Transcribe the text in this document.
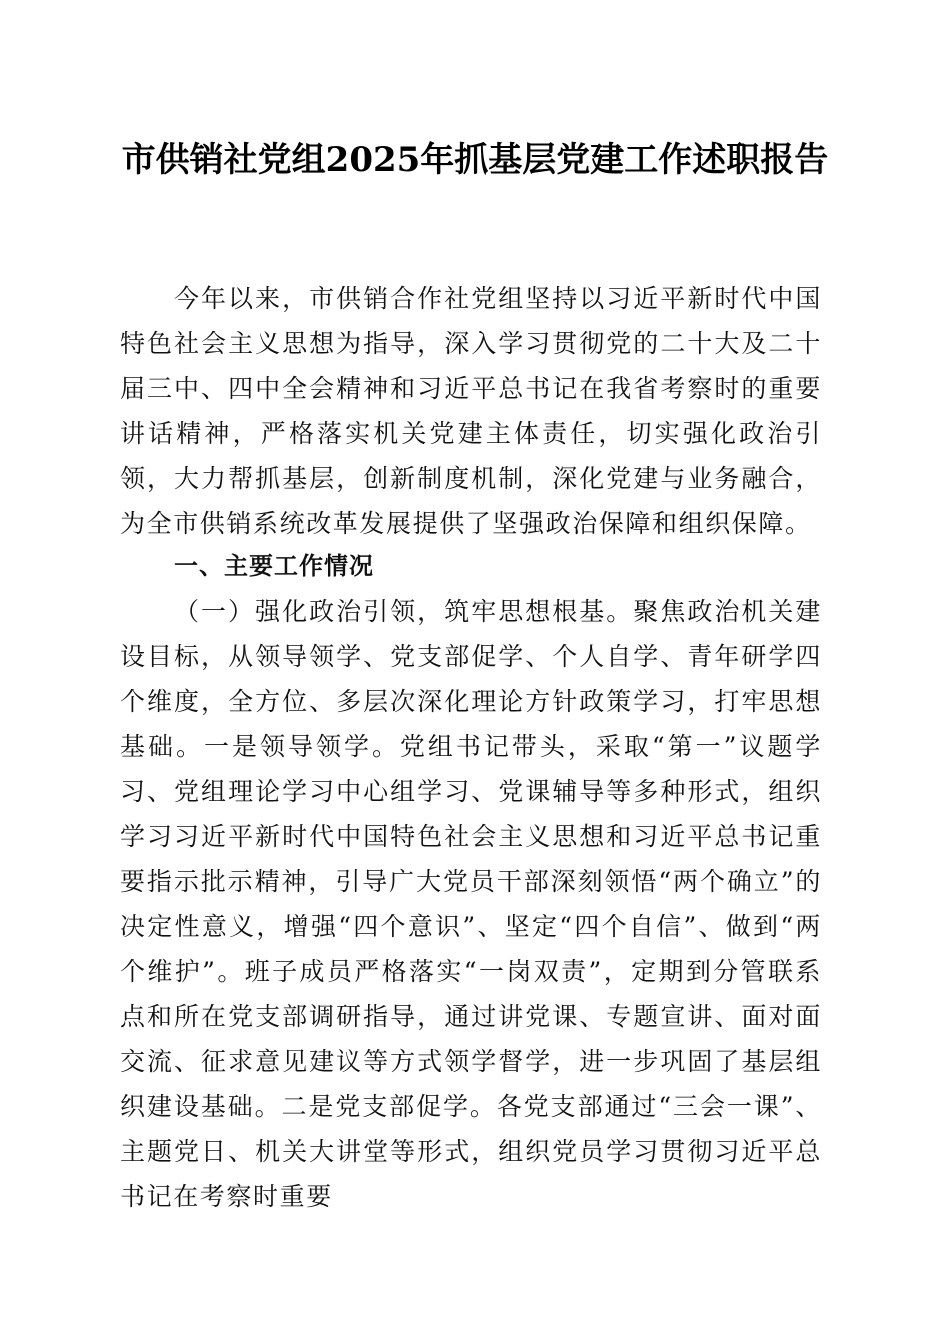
市供销社党组2025年抓基层党建工作述职报告

今年以来，市供销合作社党组坚持以习近平新时代中国特色社会主义思想为指导，深入学习贯彻党的二十大及二十届三中、四中全会精神和习近平总书记在我省考察时的重要讲话精神，严格落实机关党建主体责任，切实强化政治引领，大力帮抓基层，创新制度机制，深化党建与业务融合，为全市供销系统改革发展提供了坚强政治保障和组织保障。

一、主要工作情况

（一）强化政治引领，筑牢思想根基。聚焦政治机关建设目标，从领导领学、党支部促学、个人自学、青年研学四个维度，全方位、多层次深化理论方针政策学习，打牢思想基础。一是领导领学。党组书记带头，采取“第一”议题学习、党组理论学习中心组学习、党课辅导等多种形式，组织学习习近平新时代中国特色社会主义思想和习近平总书记重要指示批示精神，引导广大党员干部深刻领悟“两个确立”的决定性意义，增强“四个意识”、坚定“四个自信”、做到“两个维护”。班子成员严格落实“一岗双责”，定期到分管联系点和所在党支部调研指导，通过讲党课、专题宣讲、面对面交流、征求意见建议等方式领学督学，进一步巩固了基层组织建设基础。二是党支部促学。各党支部通过“三会一课”、主题党日、机关大讲堂等形式，组织党员学习贯彻习近平总书记在考察时重要
